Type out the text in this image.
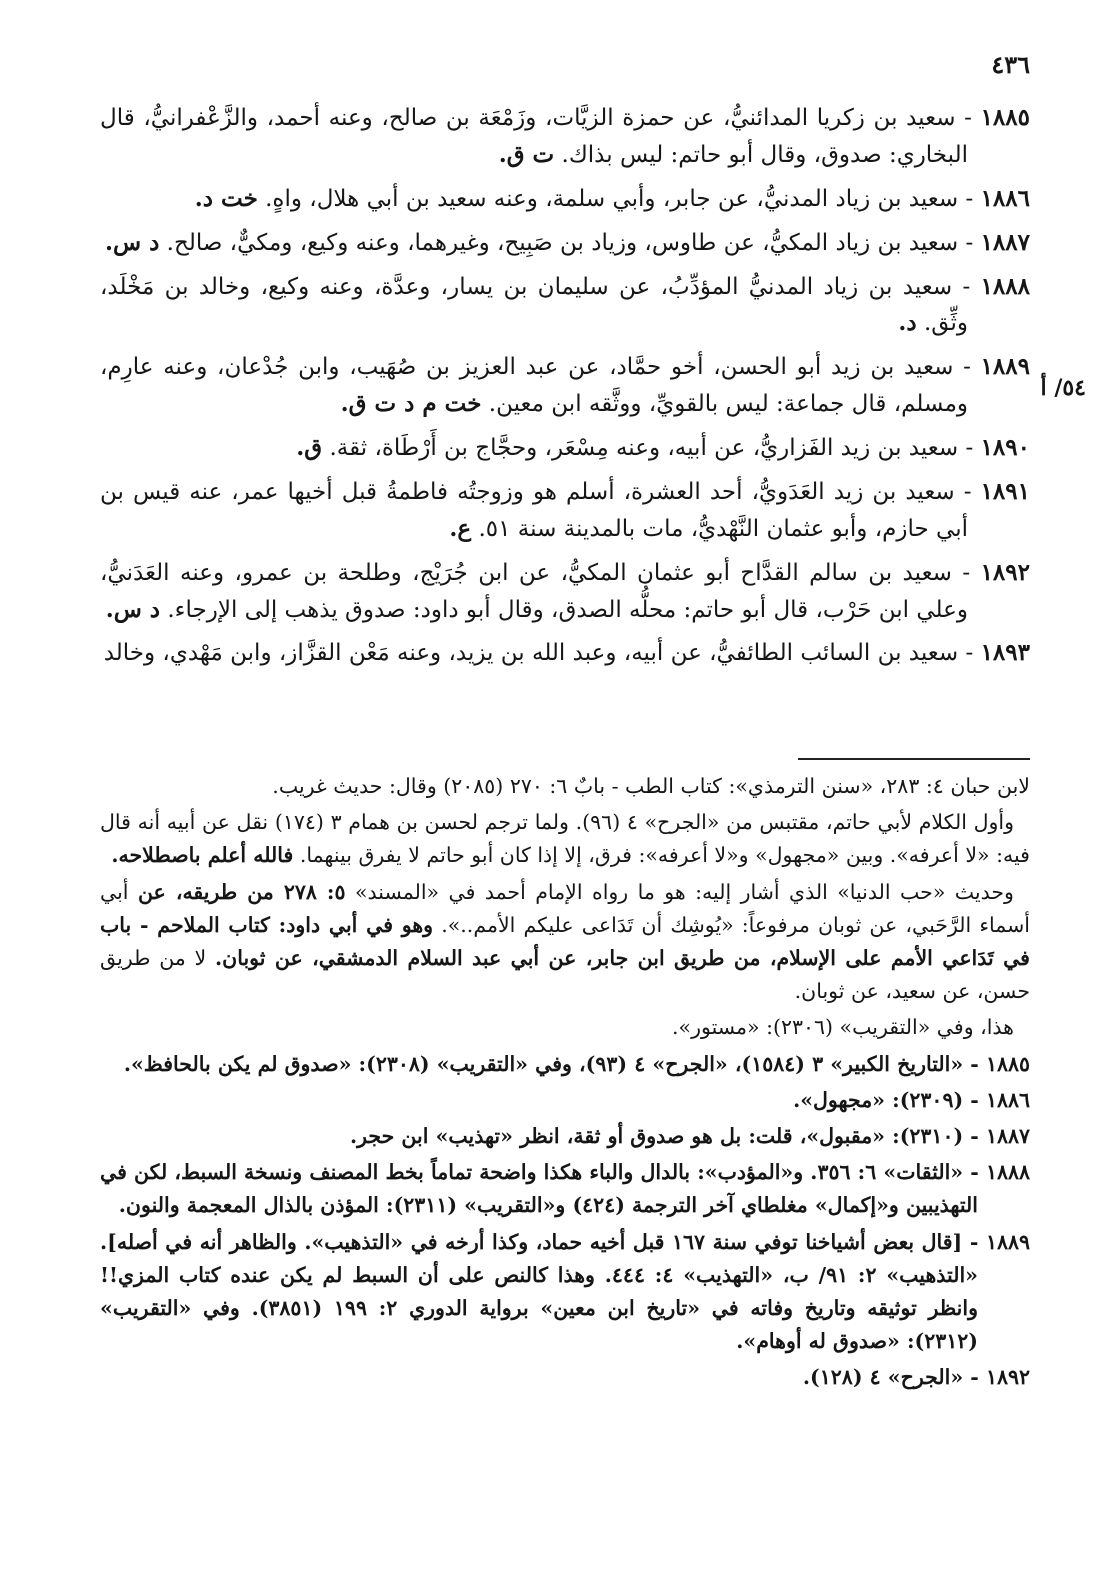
٤٣٦
٥٤/ أ

١٨٨٥ - سعيد بن زكريا المدائنيُّ، عن حمزة الزيَّات، وزَمْعَة بن صالح، وعنه أحمد، والزَّعْفرانيُّ، قال البخاري: صدوق، وقال أبو حاتم: ليس بذاك. ت ق.

١٨٨٦ - سعيد بن زياد المدنيُّ، عن جابر، وأبي سلمة، وعنه سعيد بن أبي هلال، واهٍ. خت د.

١٨٨٧ - سعيد بن زياد المكيُّ، عن طاوس، وزياد بن صَبِيح، وغيرهما، وعنه وكيع، ومكيٌّ، صالح. د س.

١٨٨٨ - سعيد بن زياد المدنيُّ المؤدِّبُ، عن سليمان بن يسار، وعدَّة، وعنه وكيع، وخالد بن مَخْلَد، وثِّق. د.

١٨٨٩ - سعيد بن زيد أبو الحسن، أخو حمَّاد، عن عبد العزيز بن صُهَيب، وابن جُدْعان، وعنه عارِم، ومسلم، قال جماعة: ليس بالقويِّ، ووثَّقه ابن معين. خت م د ت ق.

١٨٩٠ - سعيد بن زيد الفَزاريُّ، عن أبيه، وعنه مِسْعَر، وحجَّاج بن أَرْطَاة، ثقة. ق.

١٨٩١ - سعيد بن زيد العَدَويُّ، أحد العشرة، أسلم هو وزوجتُه فاطمةُ قبل أخيها عمر، عنه قيس بن أبي حازم، وأبو عثمان النَّهْديُّ، مات بالمدينة سنة ٥١. ع.

١٨٩٢ - سعيد بن سالم القدَّاح أبو عثمان المكيُّ، عن ابن جُرَيْج، وطلحة بن عمرو، وعنه العَدَنيُّ، وعلي ابن حَرْب، قال أبو حاتم: محلُّه الصدق، وقال أبو داود: صدوق يذهب إلى الإرجاء. د س.

١٨٩٣ - سعيد بن السائب الطائفيُّ، عن أبيه، وعبد الله بن يزيد، وعنه مَعْن القزَّاز، وابن مَهْدي، وخالد

لابن حبان ٤: ٢٨٣، «سنن الترمذي»: كتاب الطب - بابٌ ٦: ٢٧٠ (٢٠٨٥) وقال: حديث غريب.

وأول الكلام لأبي حاتم، مقتبس من «الجرح» ٤ (٩٦). ولما ترجم لحسن بن همام ٣ (١٧٤) نقل عن أبيه أنه قال فيه: «لا أعرفه». وبين «مجهول» و«لا أعرفه»: فرق، إلا إذا كان أبو حاتم لا يفرق بينهما. فالله أعلم باصطلاحه.

وحديث «حب الدنيا» الذي أشار إليه: هو ما رواه الإمام أحمد في «المسند» ٥: ٢٧٨ من طريقه، عن أبي أسماء الرَّحَبي، عن ثوبان مرفوعاً: «يُوشِك أن تَدَاعى عليكم الأمم..». وهو في أبي داود: كتاب الملاحم - باب في تَدَاعي الأمم على الإسلام، من طريق ابن جابر، عن أبي عبد السلام الدمشقي، عن ثوبان. لا من طريق حسن، عن سعيد، عن ثوبان.

هذا، وفي «التقريب» (٢٣٠٦): «مستور».

١٨٨٥ - «التاريخ الكبير» ٣ (١٥٨٤)، «الجرح» ٤ (٩٣)، وفي «التقريب» (٢٣٠٨): «صدوق لم يكن بالحافظ».

١٨٨٦ - (٢٣٠٩): «مجهول».

١٨٨٧ - (٢٣١٠): «مقبول»، قلت: بل هو صدوق أو ثقة، انظر «تهذيب» ابن حجر.

١٨٨٨ - «الثقات» ٦: ٣٥٦. و«المؤدب»: بالدال والباء هكذا واضحة تماماً بخط المصنف ونسخة السبط، لكن في التهذيبين و«إكمال» مغلطاي آخر الترجمة (٤٢٤) و«التقريب» (٢٣١١): المؤذن بالذال المعجمة والنون.

١٨٨٩ - [قال بعض أشياخنا توفي سنة ١٦٧ قبل أخيه حماد، وكذا أرخه في «التذهيب». والظاهر أنه في أصله]. «التذهيب» ٢: ٩١/ ب، «التهذيب» ٤: ٤٤٤. وهذا كالنص على أن السبط لم يكن عنده كتاب المزي!! وانظر توثيقه وتاريخ وفاته في «تاريخ ابن معين» برواية الدوري ٢: ١٩٩ (٣٨٥١). وفي «التقريب» (٢٣١٢): «صدوق له أوهام».

١٨٩٢ - «الجرح» ٤ (١٢٨).
